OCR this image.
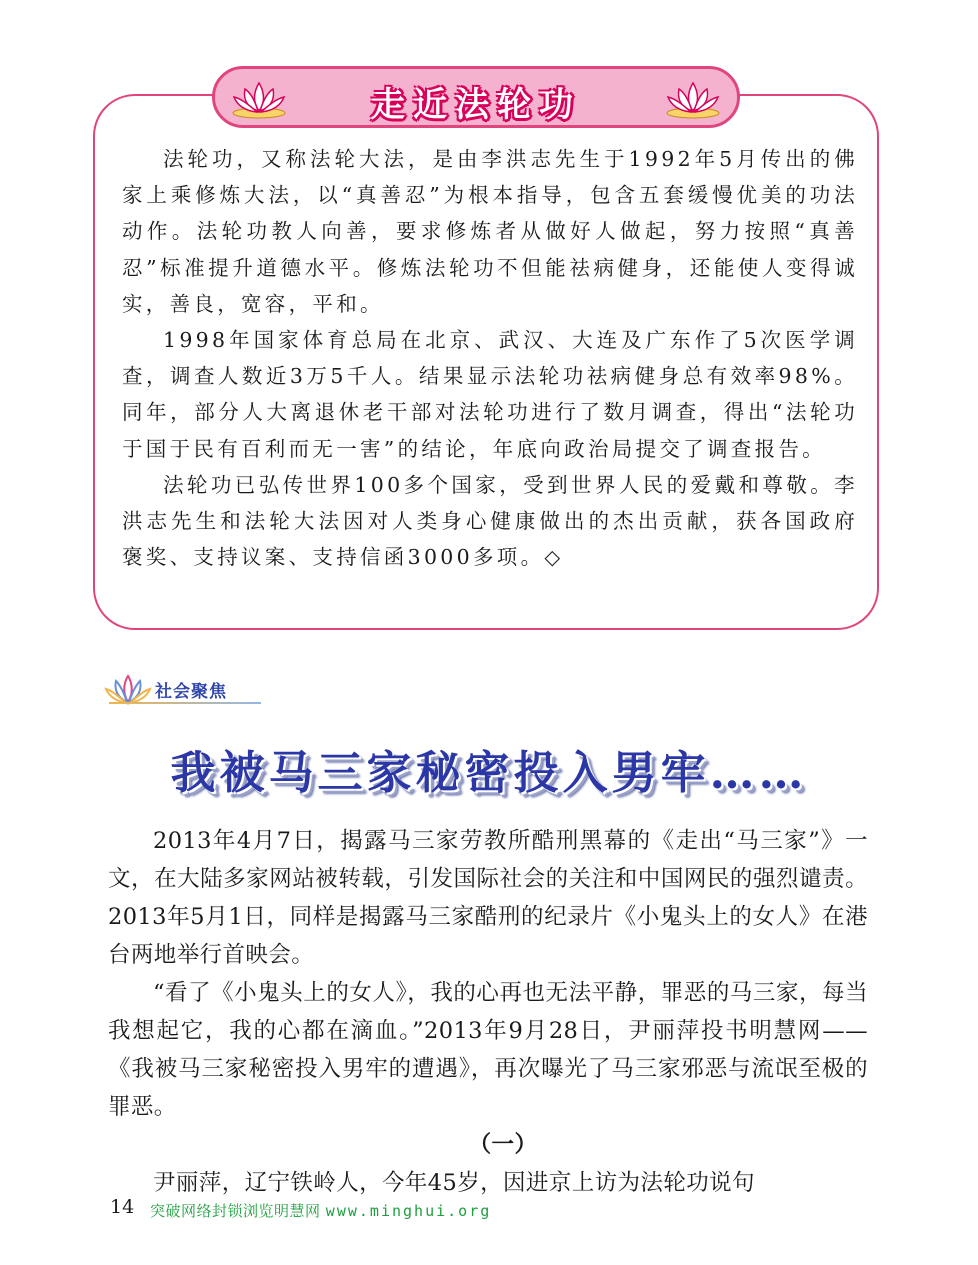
走近法轮功

法轮功，又称法轮大法，是由李洪志先生于1992年5月传出的佛家上乘修炼大法，以“真善忍”为根本指导，包含五套缓慢优美的功法动作。法轮功教人向善，要求修炼者从做好人做起，努力按照“真善忍”标准提升道德水平。修炼法轮功不但能祛病健身，还能使人变得诚实，善良，宽容，平和。

1998年国家体育总局在北京、武汉、大连及广东作了5次医学调查，调查人数近3万5千人。结果显示法轮功祛病健身总有效率98%。同年，部分人大离退休老干部对法轮功进行了数月调查，得出“法轮功于国于民有百利而无一害”的结论，年底向政治局提交了调查报告。

法轮功已弘传世界100多个国家，受到世界人民的爱戴和尊敬。李洪志先生和法轮大法因对人类身心健康做出的杰出贡献，获各国政府褒奖、支持议案、支持信函3000多项。◇

社会聚焦
我被马三家秘密投入男牢……

2013年4月7日，揭露马三家劳教所酷刑黑幕的《走出“马三家”》一文，在大陆多家网站被转载，引发国际社会的关注和中国网民的强烈谴责。2013年5月1日，同样是揭露马三家酷刑的纪录片《小鬼头上的女人》在港台两地举行首映会。

“看了《小鬼头上的女人》，我的心再也无法平静，罪恶的马三家，每当我想起它，我的心都在滴血。”2013年9月28日，尹丽萍投书明慧网——《我被马三家秘密投入男牢的遭遇》，再次曝光了马三家邪恶与流氓至极的罪恶。

（一）

尹丽萍，辽宁铁岭人，今年45岁，因进京上访为法轮功说句

14 突破网络封锁浏览明慧网 www.minghui.org
